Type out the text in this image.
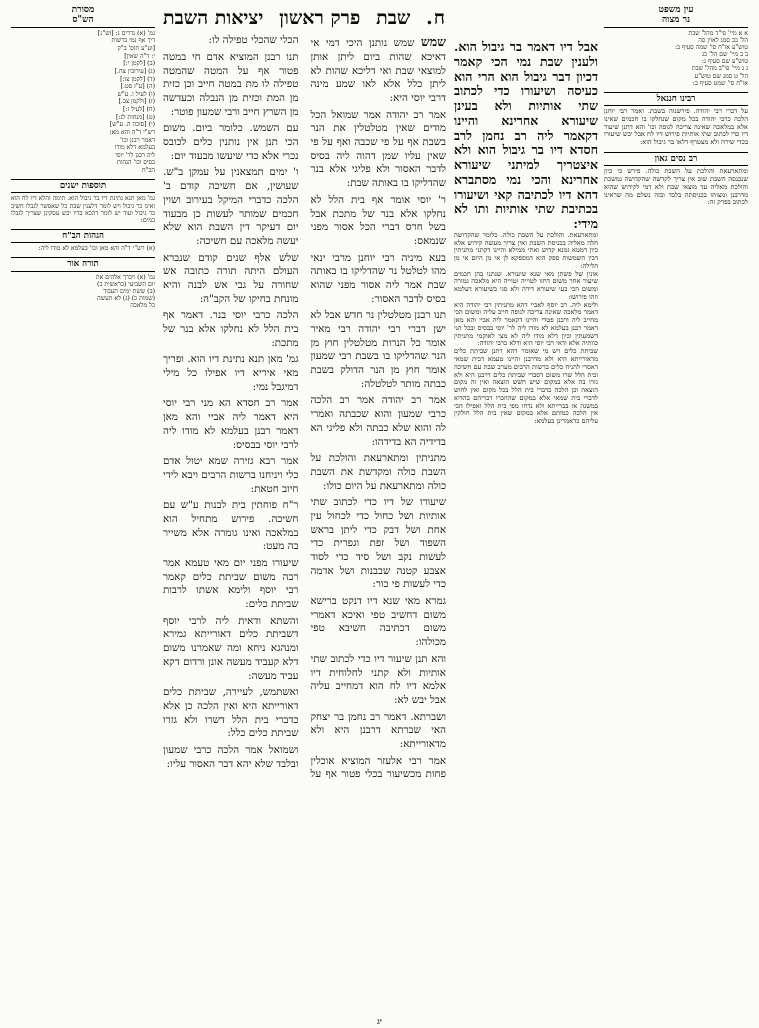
עין משפט
נר מצוה
א א מיי' פי"ד מהל' שבת
הל' כב סמג לאוין סה
טוש"ע או"ח סי' שמה סעיף ב:
ב ב מיי' שם הל' כג
טוש"ע שם סעיף ג:
ג ג מיי' פי"ב מהל' שבת
הל' ט סמג שם טוש"ע
או"ח סי' שמט סעיף ב:
רבינו חננאל
על דברי רבי יהודה. פירשנוה בשבת. ואמר רבי יוחנן הלכה כרבי יהודה בכל מקום שנחלקו בו חכמים שאינו אלא במלאכה שאינה צריכה לגופה וכו' והא דתנן שיעור דיו כדי לכתוב שתי אותיות פירוש דיו לח אבל יבש שיעורו בכדי שירה ולא מצטרף דלאו בר גיבול הוא:
רב נסים גאון
ומתארעאת והולכת על השבת כולה. פירש כי כיון שנכנסה השבת שוב אין צריך לקדשה שהקדושה נמשכת והולכת מאליה עד מוצאי שבת ולא דמי לקידוש שהוא מדרבנן ומצותו בכניסתה בלבד ובזה נשלם מה שראינו לכתוב בפרק זה:
אבל דיו דאמר בר גיבול הוא. ולענין שבת נמי הכי קאמר דכיון דבר גיבול הוא הרי הוא כעיסה ושיעורו כדי לכתוב שתי אותיות ולא בעינן שיעורא אחרינא והיינו דקאמר ליה רב נחמן לרב חסדא דיו בר גיבול הוא ולא איצטריך למיתני שיעורא אחרינא והכי נמי מסתברא דהא דיו לכתיבה קאי ושיעורו בכתיבת שתי אותיות ותו לא מידי:
ומתארעאת. והולכת על השבת כולה. כלומר שהקדושה חלה מאליה בכניסת השבת ואין צריך מעשה קידוש אלא כיון דמטא זמנא קדוש ואתי ממילא והיינו דקתני מתניתין דבין השמשות ספק הוא דמספקא לן אי מן היום אי מן הלילה:
אונין של פשתן מאי שנא שיעורא. שנתנו בהן חכמים שיעור אחר משום דחזו לטוייה וטוייה היא מלאכה גמורה ומשום הכי בעי שיעורא דידה ולא סגי בשיעורא דעלמא וזהו פירושו:
ולימא ליה. רב יוסף לאביי דהא מתניתין רבי יהודה היא דאמר מלאכה שאינה צריכה לגופה חייב עליה ומשום הכי מחייב ליה ורבנן פטרי והיינו דקאמר ליה אביי והא מאן דאמר רבנן בעלמא לא מודו ליה לר' יוסי בבסיס ובכל הני דשמעתין וכיון דלא מודו ליה לא מצי לאוקמי מתניתין כוותיה אלא ודאי רבי יוסי היא ודלא כרבי יהודה:
שביתת כלים ויש מי שאומר דהא דתנן שביתת כלים מדאורייתא היא ולא מדרבנן והיינו טעמא דבית שמאי דאסרי להניח כלים ברשות הרבים מערב שבת עם חשיכה ובית הלל שרו משום דסברי שביתת כלים דרבנן היא ולא גזרו בה אלא במקום שיש חשש הוצאה ואין זה מקום הוצאה וכן הלכה כדברי בית הלל בכל מקום ואין לחוש לדברי בית שמאי אלא במקום שהוזכרו דבריהם בהדיא במשנה או בברייתא ולא נדחו מפי בית הלל ואפילו הכי אין הלכה כמותם אלא במקום שאין בית הלל חולקין עליהם כדאמרינן בעלמא:
ח.
שבת
פרק ראשון
יציאות השבת

שמש שמש נותנן היכי דמי אי דאיכא שהות ביום ליתן אותן למוצאי שבת ואי דליכא שהות לא ליתן כלל אלא לאו שמע מינה דרבי יוסי היא:

אמר רב יהודה אמר שמואל הכל מודים שאין מטלטלין את הנר בשבת אף על פי שכבה ואף על פי שאין עליו שמן דהוה ליה בסיס לדבר האסור ולא פליגי אלא בנר שהדליקו בו באותה שבת:

ר' יוסי אומר אף בית הלל לא נחלקו אלא בנר של מתכת אבל בשל חרס דברי הכל אסור מפני שנמאס:

בעא מיניה רבי יוחנן מרבי ינאי מהו לטלטל נר שהדליקו בו באותה שבת אמר ליה אסור מפני שהוא בסיס לדבר האסור:

תנו רבנן מטלטלין נר חדש אבל לא ישן דברי רבי יהודה רבי מאיר אומר כל הנרות מטלטלין חוץ מן הנר שהדליקו בו בשבת רבי שמעון אומר חוץ מן הנר הדולק בשבת כבתה מותר לטלטלה:

אמר רב יהודה אמר רב הלכה כרבי שמעון והוא שכבתה ואמרי לה והוא שלא כבתה ולא פליגי הא בדידיה הא בדידהו:

מתניתין ומתארעאת והולכת על השבת כולה ומקדשת את השבת כולה ומתארעאת על היום כולו:

שיעורו של דיו כדי לכתוב שתי אותיות ושל כחול כדי לכחול עין אחת ושל דבק כדי ליתן בראש השפוד ושל זפת וגפרית כדי לעשות נקב ושל סיד כדי לסוד אצבע קטנה שבבנות ושל אדמה כדי לעשות פי כור:

גמרא מאי שנא דיו דנקט ברישא משום דחשיב טפי ואיכא דאמרי משום דכתיבה חשיבא טפי מכולהו:

והא תנן שיעור דיו כדי לכתוב שתי אותיות ולא קתני לחלוחית דיו אלמא דיו לח הוא דמחייב עליה אבל יבש לא:

ושברתא. דאמר רב נחמן בר יצחק האי שברתא דרבנן היא ולא מדאורייתא:

אמר רבי אלעזר המוציא אוכלין פחות מכשיעור בכלי פטור אף על הכלי שהכלי טפילה לו:

תנו רבנן המוציא אדם חי במטה פטור אף על המטה שהמטה טפילה לו מת במטה חייב וכן כזית מן המת וכזית מן הנבלה וכעדשה מן השרץ חייב ורבי שמעון פוטר:

עם השמש. כלומר ביום. משום הכי תנן אין נותנין כלים לכובס נכרי אלא כדי שיעשו מבעוד יום:

ו' ימים תמצאנין על עמקן ב"ש. שעושין, אם חשיכה קודם ב' הלכה כדברי המיקל בעירוב ושוין חכמים שמותר לעשות כן מבעוד יום דעיקר דין השבת הוא שלא יעשה מלאכה עם חשיכה:

שלש אלף שנים קודם שנברא העולם היתה תורה כתובה אש שחורה על גבי אש לבנה והיא מונחת בחיקו של הקב"ה:

הלכה כרבי יוסי בנר. דאמר אף בית הלל לא נחלקו אלא בנר של מתכת:

גמ' מאן תנא נתינת דיו הוא. ופריך מאי איריא דיו אפילו כל מילי דמיגבל נמי:

אמר רב חסדא הא מני רבי יוסי היא דאמר ליה אביי והא מאן דאמר רבנן בעלמא לא מודו ליה לרבי יוסי בבסיס:

אמר רבא גזירה שמא יטול אדם כלי ויניחנו ברשות הרבים ויבא לידי חיוב חטאת:

ר"ח פוחתין בית לבנות ע"ש עם חשיכה. פירוש מתחיל הוא במלאכה ואינו גומרה אלא משייר בה מעט:

שיעורו מפני יום מאי טעמא אמר רבה משום שביתת כלים קאמר רבי יוסף ולימא אשתו לרבות שביתת כלים:

והשתא ודאית ליה לרבי יוסף דשביתת כלים דאורייתא גמירא ומנהגא ניחא ומה שאמרנו משום דלא קעביד מעשה אונן ורדום דקא עביד מעשה:

ואשתמש, לעיירה, שביתת כלים דאורייתא היא ואין הלכה כן אלא כדברי בית הלל דשרו ולא גזרו שביתת כלים כלל:

ושמואל אמר הלכה כרבי שמעון ובלבד שלא יהא דבר האסור עליו:

מסורת
הש"ס
גמ' (א) נדרים נ: [וש"נ]
דיך אף נמי ברשות
[וע"ע תוס' ב"ק
י: ד"ה שאין]
(ב) [לקמן י:]
(ג) [עירובין צח.]
(ד) [לקמן צו:]
(ה) [ע"ז סט.]
(ו) לעיל ו. ע"ש
(ז) [ולקמן צב.]
(ח) [לעיל ז:]
(ט) [מנחות לג:]
(י) [סוכה ה. ע"ש]
רש"י ד"ה והא מאן
דאמר רבנן וכו'
בעלמא דלא מודו
ליה רבנן לר' יוסי
בסיס וכו' הגהות
הב"ח
תוספות ישנים
גמ' מאן תנא נתינת דיו בר גיבול הוא. תימה והלא דיו לח הוא ואינו בר גיבול ויש לומר דלענין שבת כל שאפשר לגבלו חשיב בר גיבול ועוד יש לומר דהכא בדיו יבש עסקינן שצריך לגבלו במים:
הגהות הב"ח
(א) רש"י ד"ה והא מאן וכו' בעלמא לא מודו ליה:
תורה אור
גמ' (א) ויברך אלהים את
יום השביעי (בראשית ב)
(ב) ששת ימים תעבוד
(שמות כ) (ג) לא תעשה
כל מלאכה
יג
